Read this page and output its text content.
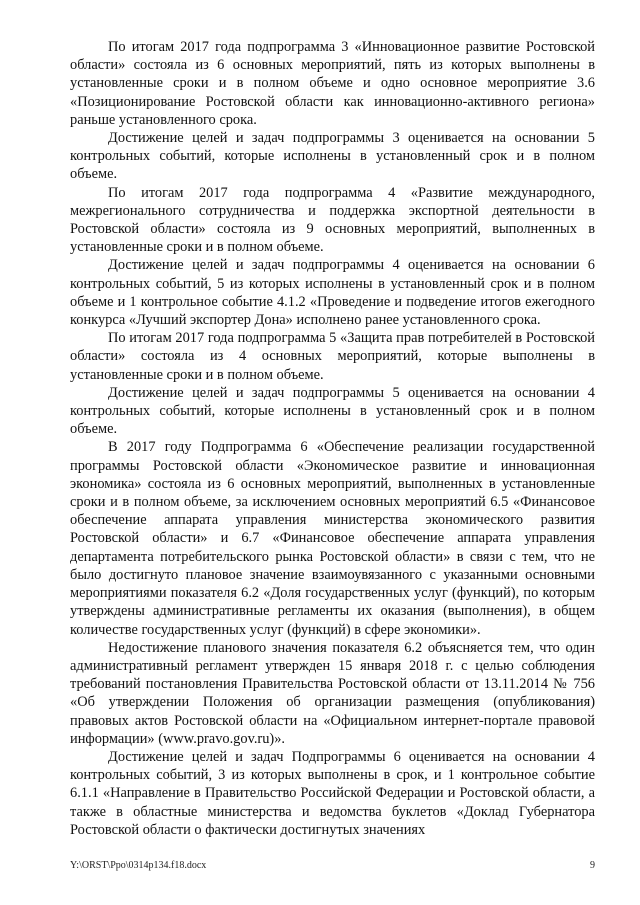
По итогам 2017 года подпрограмма 3 «Инновационное развитие Ростовской области» состояла из 6 основных мероприятий, пять из которых выполнены в установленные сроки и в полном объеме и одно основное мероприятие 3.6 «Позиционирование Ростовской области как инновационно-активного региона» раньше установленного срока.

Достижение целей и задач подпрограммы 3 оценивается на основании 5 контрольных событий, которые исполнены в установленный срок и в полном объеме.

По итогам 2017 года подпрограмма 4 «Развитие международного, межрегионального сотрудничества и поддержка экспортной деятельности в Ростовской области» состояла из 9 основных мероприятий, выполненных в установленные сроки и в полном объеме.

Достижение целей и задач подпрограммы 4 оценивается на основании 6 контрольных событий, 5 из которых исполнены в установленный срок и в полном объеме и 1 контрольное событие 4.1.2 «Проведение и подведение итогов ежегодного конкурса «Лучший экспортер Дона» исполнено ранее установленного срока.

По итогам 2017 года подпрограмма 5 «Защита прав потребителей в Ростовской области» состояла из 4 основных мероприятий, которые выполнены в установленные сроки и в полном объеме.

Достижение целей и задач подпрограммы 5 оценивается на основании 4 контрольных событий, которые исполнены в установленный срок и в полном объеме.

В 2017 году Подпрограмма 6 «Обеспечение реализации государственной программы Ростовской области «Экономическое развитие и инновационная экономика» состояла из 6 основных мероприятий, выполненных в установленные сроки и в полном объеме, за исключением основных мероприятий 6.5 «Финансовое обеспечение аппарата управления министерства экономического развития Ростовской области» и 6.7 «Финансовое обеспечение аппарата управления департамента потребительского рынка Ростовской области» в связи с тем, что не было достигнуто плановое значение взаимоувязанного с указанными основными мероприятиями показателя 6.2 «Доля государственных услуг (функций), по которым утверждены административные регламенты их оказания (выполнения), в общем количестве государственных услуг (функций) в сфере экономики».

Недостижение планового значения показателя 6.2 объясняется тем, что один административный регламент утвержден 15 января 2018 г. с целью соблюдения требований постановления Правительства Ростовской области от 13.11.2014 № 756 «Об утверждении Положения об организации размещения (опубликования) правовых актов Ростовской области на «Официальном интернет-портале правовой информации» (www.pravo.gov.ru)».

Достижение целей и задач Подпрограммы 6 оценивается на основании 4 контрольных событий, 3 из которых выполнены в срок, и 1 контрольное событие 6.1.1 «Направление в Правительство Российской Федерации и Ростовской области, а также в областные министерства и ведомства буклетов «Доклад Губернатора Ростовской области о фактически достигнутых значениях

Y:\ORST\Ppo\0314p134.f18.docx	9
